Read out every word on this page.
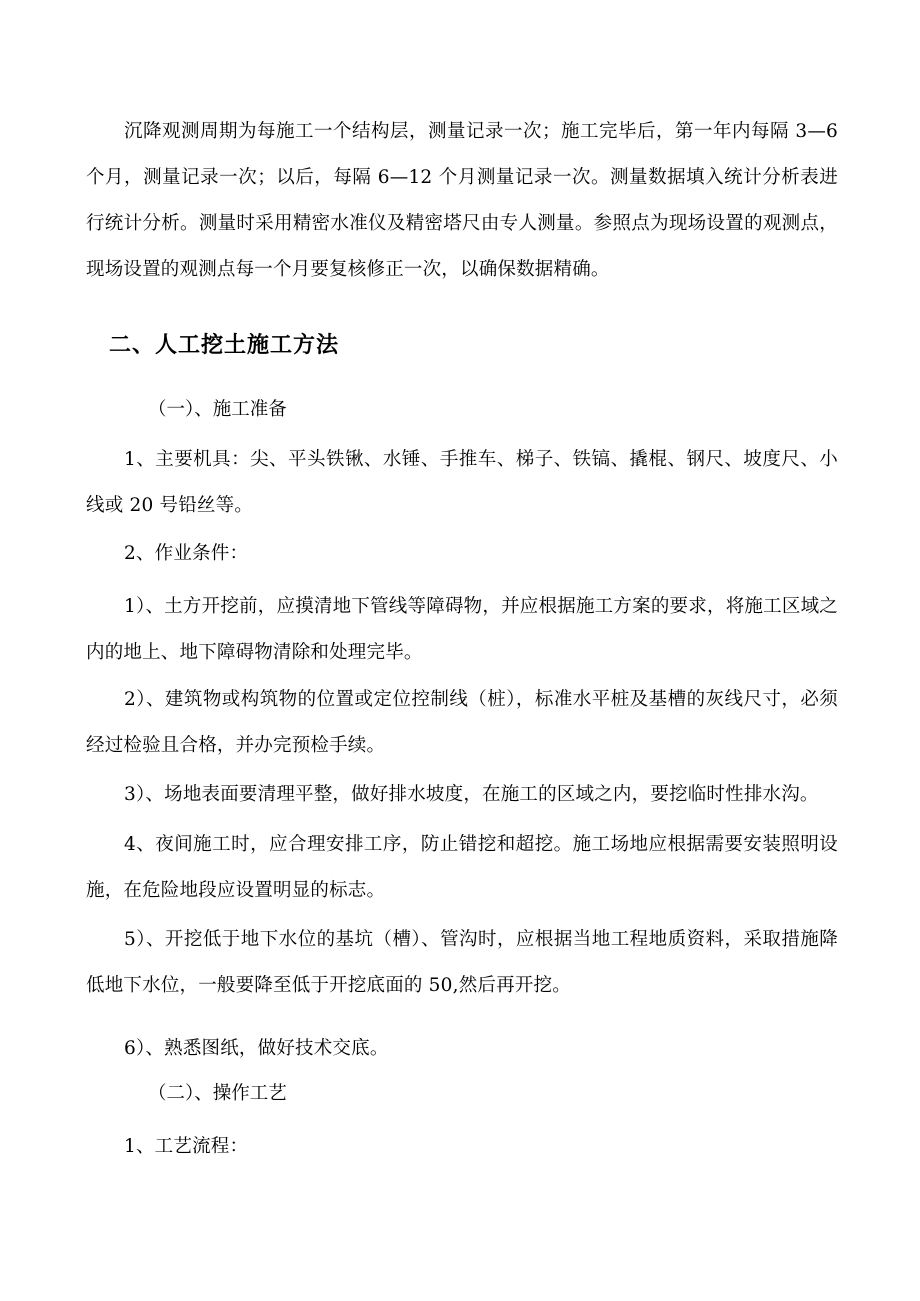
沉降观测周期为每施工一个结构层，测量记录一次；施工完毕后，第一年内每隔 3—6 个月，测量记录一次；以后，每隔 6—12 个月测量记录一次。测量数据填入统计分析表进行统计分析。测量时采用精密水准仪及精密塔尺由专人测量。参照点为现场设置的观测点，现场设置的观测点每一个月要复核修正一次，以确保数据精确。

二、人工挖土施工方法
（一）、施工准备

1、主要机具：尖、平头铁锹、水锤、手推车、梯子、铁镐、撬棍、钢尺、坡度尺、小线或 20 号铅丝等。

2、作业条件：

1）、土方开挖前，应摸清地下管线等障碍物，并应根据施工方案的要求，将施工区域之内的地上、地下障碍物清除和处理完毕。

2）、建筑物或构筑物的位置或定位控制线（桩），标准水平桩及基槽的灰线尺寸，必须经过检验且合格，并办完预检手续。

3）、场地表面要清理平整，做好排水坡度，在施工的区域之内，要挖临时性排水沟。

4、夜间施工时，应合理安排工序，防止错挖和超挖。施工场地应根据需要安装照明设施，在危险地段应设置明显的标志。

5）、开挖低于地下水位的基坑（槽）、管沟时，应根据当地工程地质资料，采取措施降低地下水位，一般要降至低于开挖底面的 50,然后再开挖。

6）、熟悉图纸，做好技术交底。

（二）、操作工艺

1、工艺流程：
